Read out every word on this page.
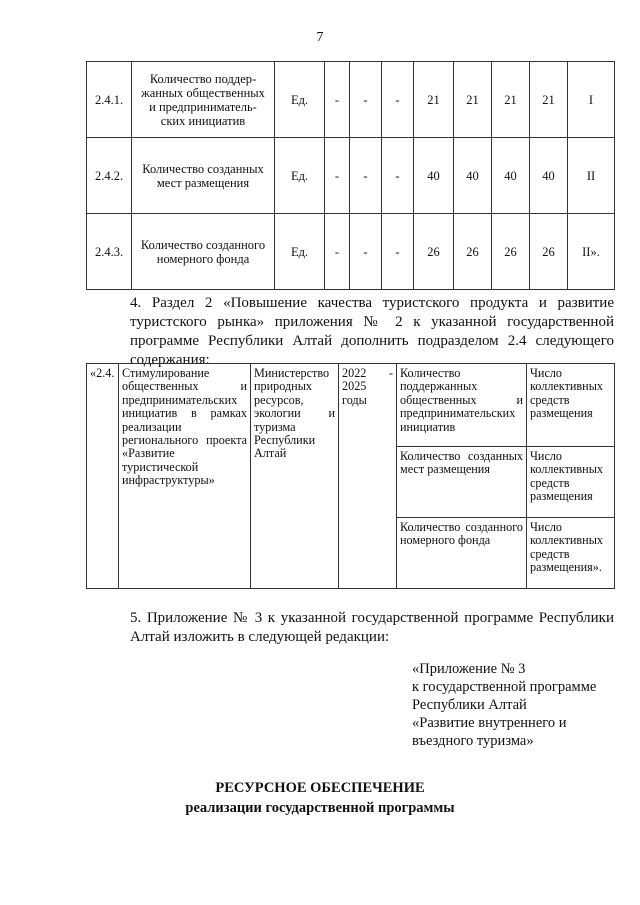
7
2.4.1.	Количество поддер-жанных общественных и предприниматель-ских инициатив	Ед.	-	-	-	21	21	21	21	I
2.4.2.	Количество созданных мест размещения	Ед.	-	-	-	40	40	40	40	II
2.4.3.	Количество созданного номерного фонда	Ед.	-	-	-	26	26	26	26	II».
4. Раздел 2 «Повышение качества туристского продукта и развитие туристского рынка» приложения № 2 к указанной государственной программе Республики Алтай дополнить подразделом 2.4 следующего содержания:
«2.4.	Стимулирование общественных и предпринимательских инициатив в рамках реализации регионального проекта «Развитие туристической инфраструктуры»	Министерство природных ресурсов, экологии и туризма Республики Алтай	2022 - 2025 годы	Количество поддержанных общественных и предпринимательских инициатив	Число коллективных средств размещения
				Количество созданных мест размещения	Число коллективных средств размещения
				Количество созданного номерного фонда	Число коллективных средств размещения».
5. Приложение № 3 к указанной государственной программе Республики Алтай изложить в следующей редакции:
«Приложение № 3
к государственной программе
Республики Алтай
«Развитие внутреннего и
въездного туризма»
РЕСУРСНОЕ ОБЕСПЕЧЕНИЕ
реализации государственной программы
